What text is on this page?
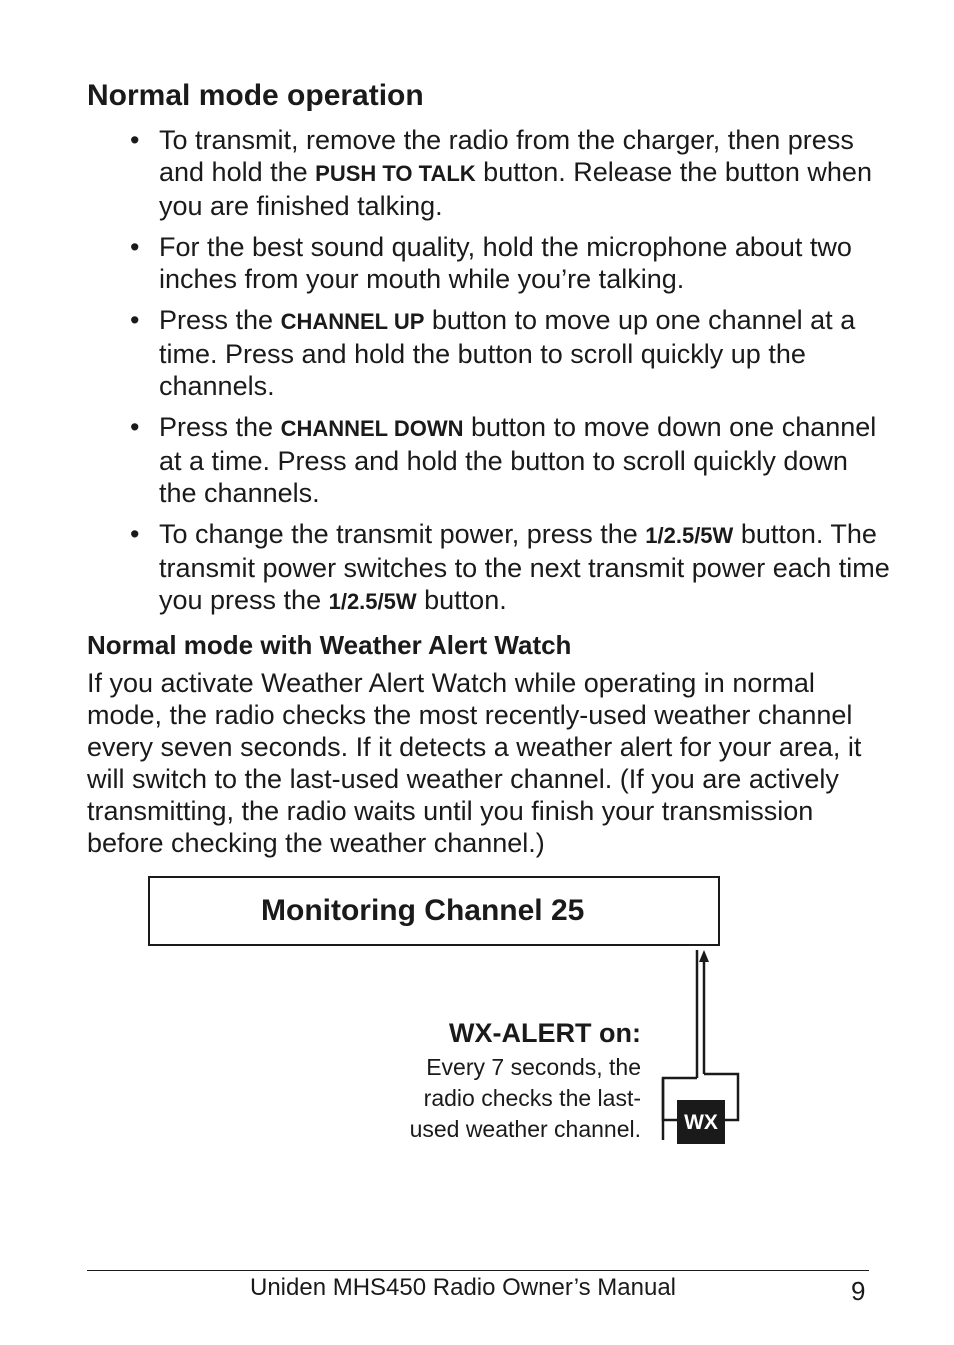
Normal mode operation
• To transmit, remove the radio from the charger, then press and hold the PUSH TO TALK button. Release the button when you are finished talking.
• For the best sound quality, hold the microphone about two inches from your mouth while you’re talking.
• Press the CHANNEL UP button to move up one channel at a time. Press and hold the button to scroll quickly up the channels.
• Press the CHANNEL DOWN button to move down one channel at a time. Press and hold the button to scroll quickly down the channels.
• To change the transmit power, press the 1/2.5/5W button. The transmit power switches to the next transmit power each time you press the 1/2.5/5W button.
Normal mode with Weather Alert Watch

If you activate Weather Alert Watch while operating in normal mode, the radio checks the most recently-used weather channel every seven seconds. If it detects a weather alert for your area, it will switch to the last-used weather channel. (If you are actively transmitting, the radio waits until you finish your transmission before checking the weather channel.)

Monitoring Channel 25

WX-ALERT on:

Every 7 seconds, the
radio checks the last-
used weather channel.	WX

Uniden MHS450 Radio Owner’s Manual	9
